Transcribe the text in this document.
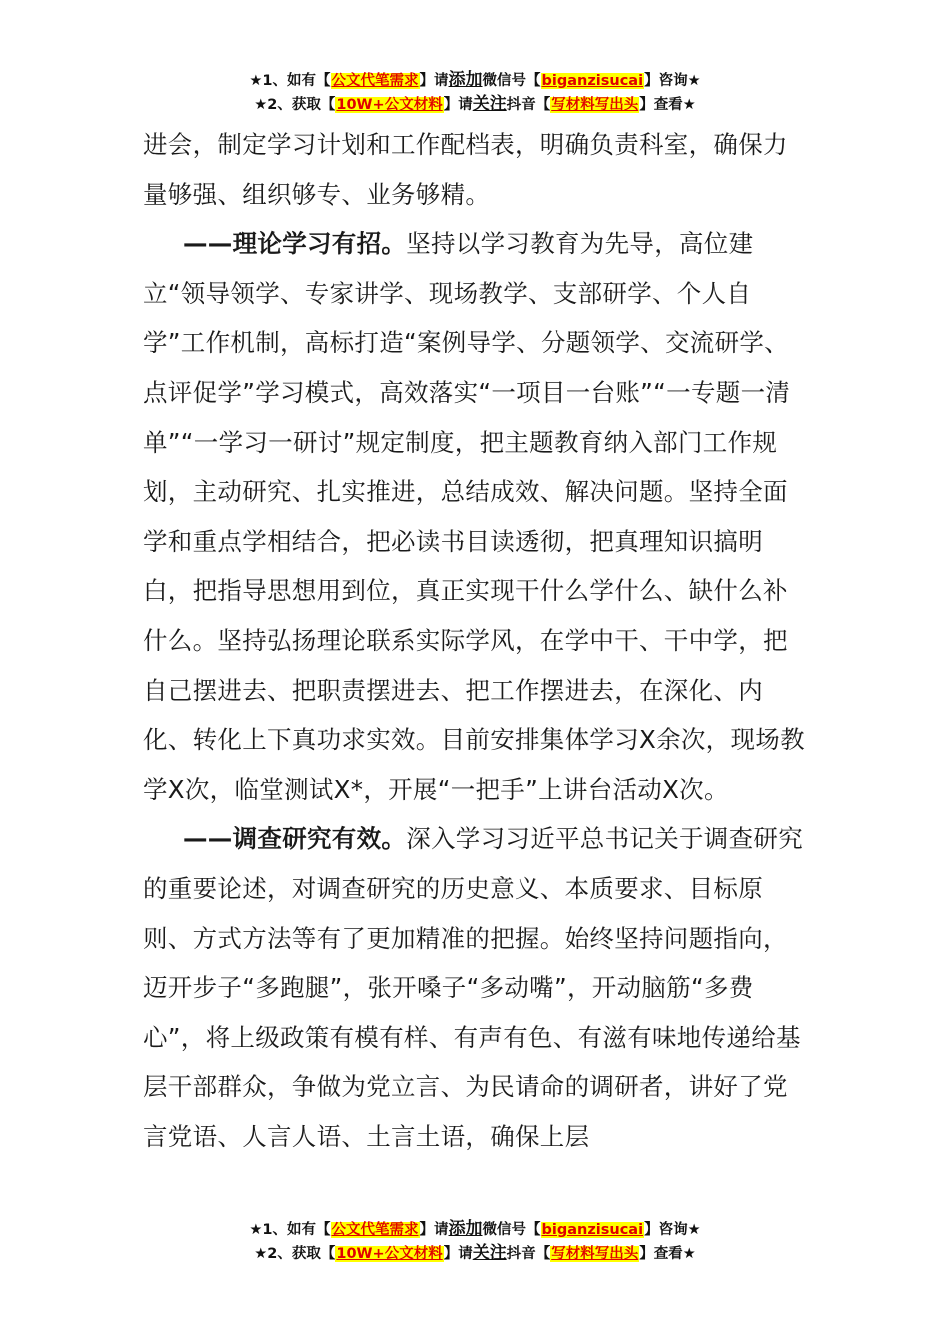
★1、如有【公文代笔需求】请添加微信号【biganzisucai】咨询★
★2、获取【10W+公文材料】请关注抖音【写材料写出头】查看★

进会，制定学习计划和工作配档表，明确负责科室，确保力量够强、组织够专、业务够精。

——理论学习有招。坚持以学习教育为先导，高位建立“领导领学、专家讲学、现场教学、支部研学、个人自学”工作机制，高标打造“案例导学、分题领学、交流研学、点评促学”学习模式，高效落实“一项目一台账”“一专题一清单”“一学习一研讨”规定制度，把主题教育纳入部门工作规划，主动研究、扎实推进，总结成效、解决问题。坚持全面学和重点学相结合，把必读书目读透彻，把真理知识搞明白，把指导思想用到位，真正实现干什么学什么、缺什么补什么。坚持弘扬理论联系实际学风，在学中干、干中学，把自己摆进去、把职责摆进去、把工作摆进去，在深化、内化、转化上下真功求实效。目前安排集体学习X余次，现场教学X次，临堂测试X*，开展“一把手”上讲台活动X次。

——调查研究有效。深入学习习近平总书记关于调查研究的重要论述，对调查研究的历史意义、本质要求、目标原则、方式方法等有了更加精准的把握。始终坚持问题指向，迈开步子“多跑腿”，张开嗓子“多动嘴”，开动脑筋“多费心”，将上级政策有模有样、有声有色、有滋有味地传递给基层干部群众，争做为党立言、为民请命的调研者，讲好了党言党语、人言人语、土言土语，确保上层

★1、如有【公文代笔需求】请添加微信号【biganzisucai】咨询★
★2、获取【10W+公文材料】请关注抖音【写材料写出头】查看★
